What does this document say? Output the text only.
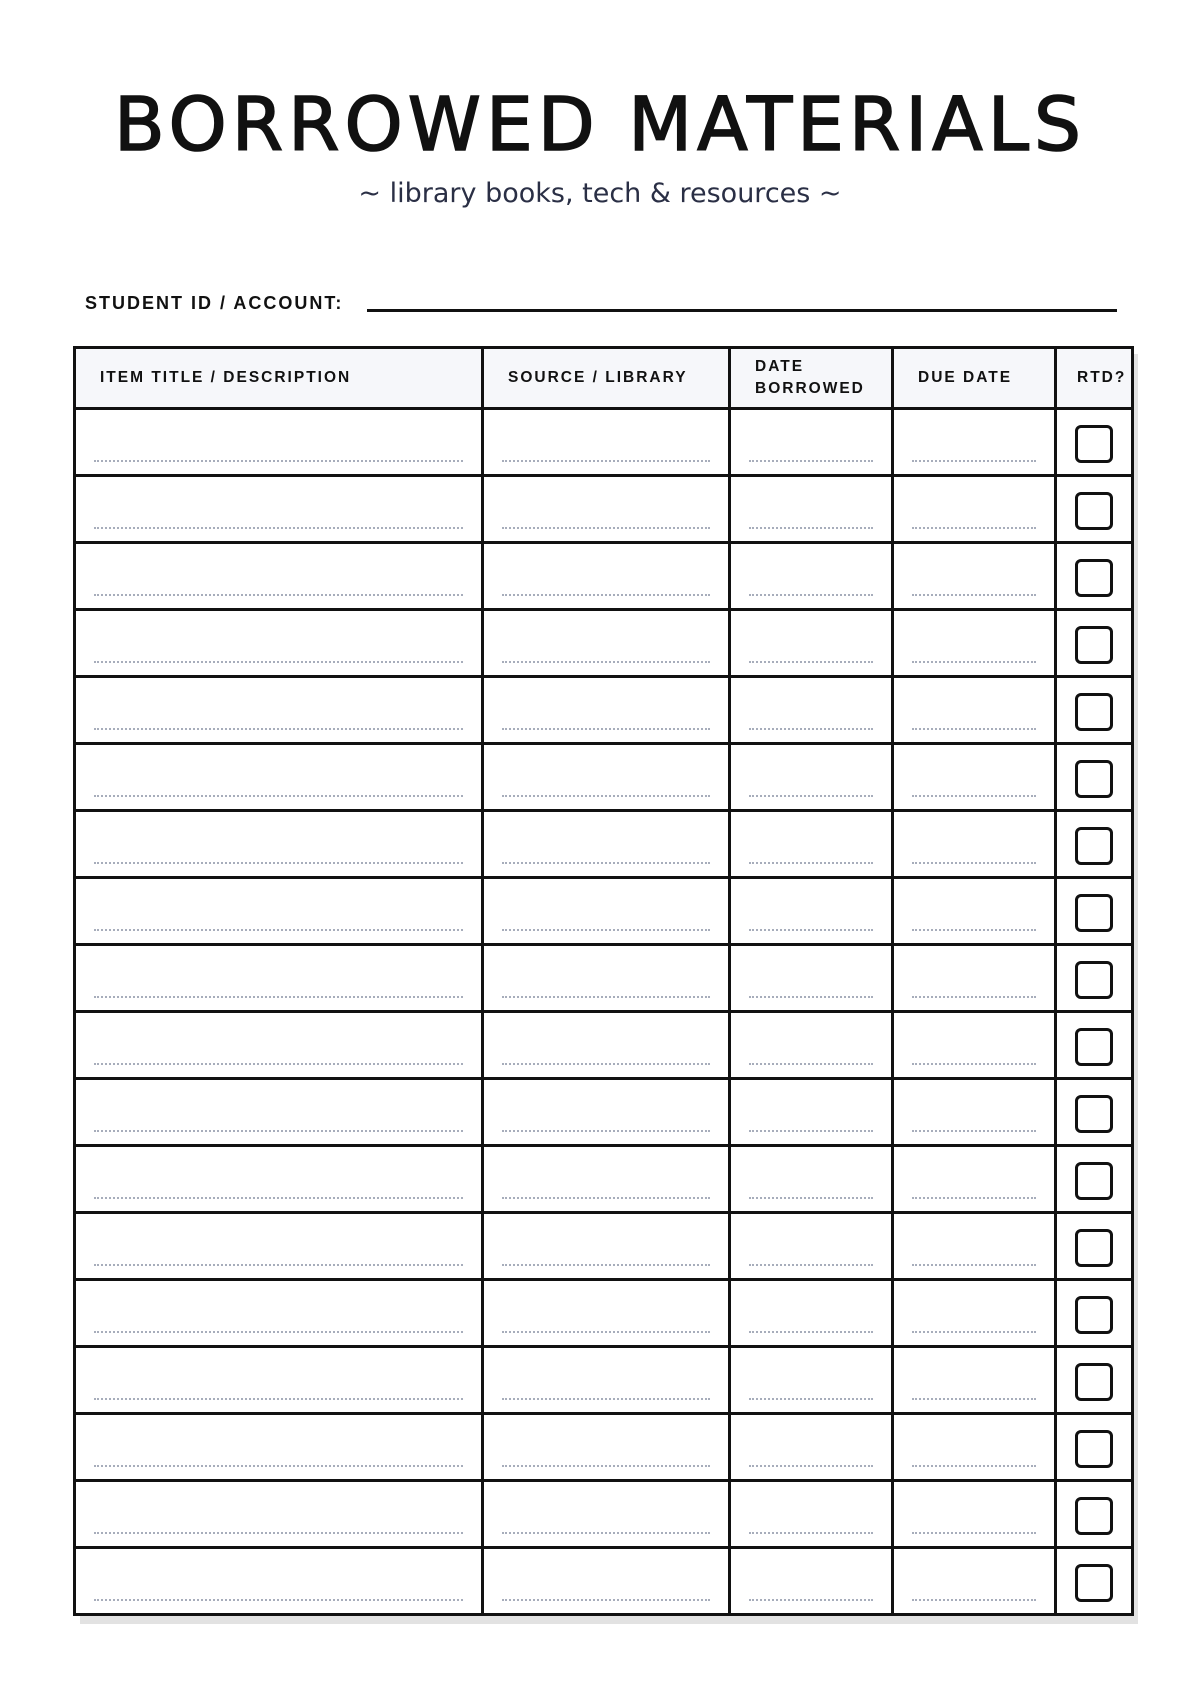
BORROWED MATERIALS
~ library books, tech & resources ~
STUDENT ID / ACCOUNT:
ITEM TITLE / DESCRIPTION	SOURCE / LIBRARY	DATE BORROWED	DUE DATE	RTD?
